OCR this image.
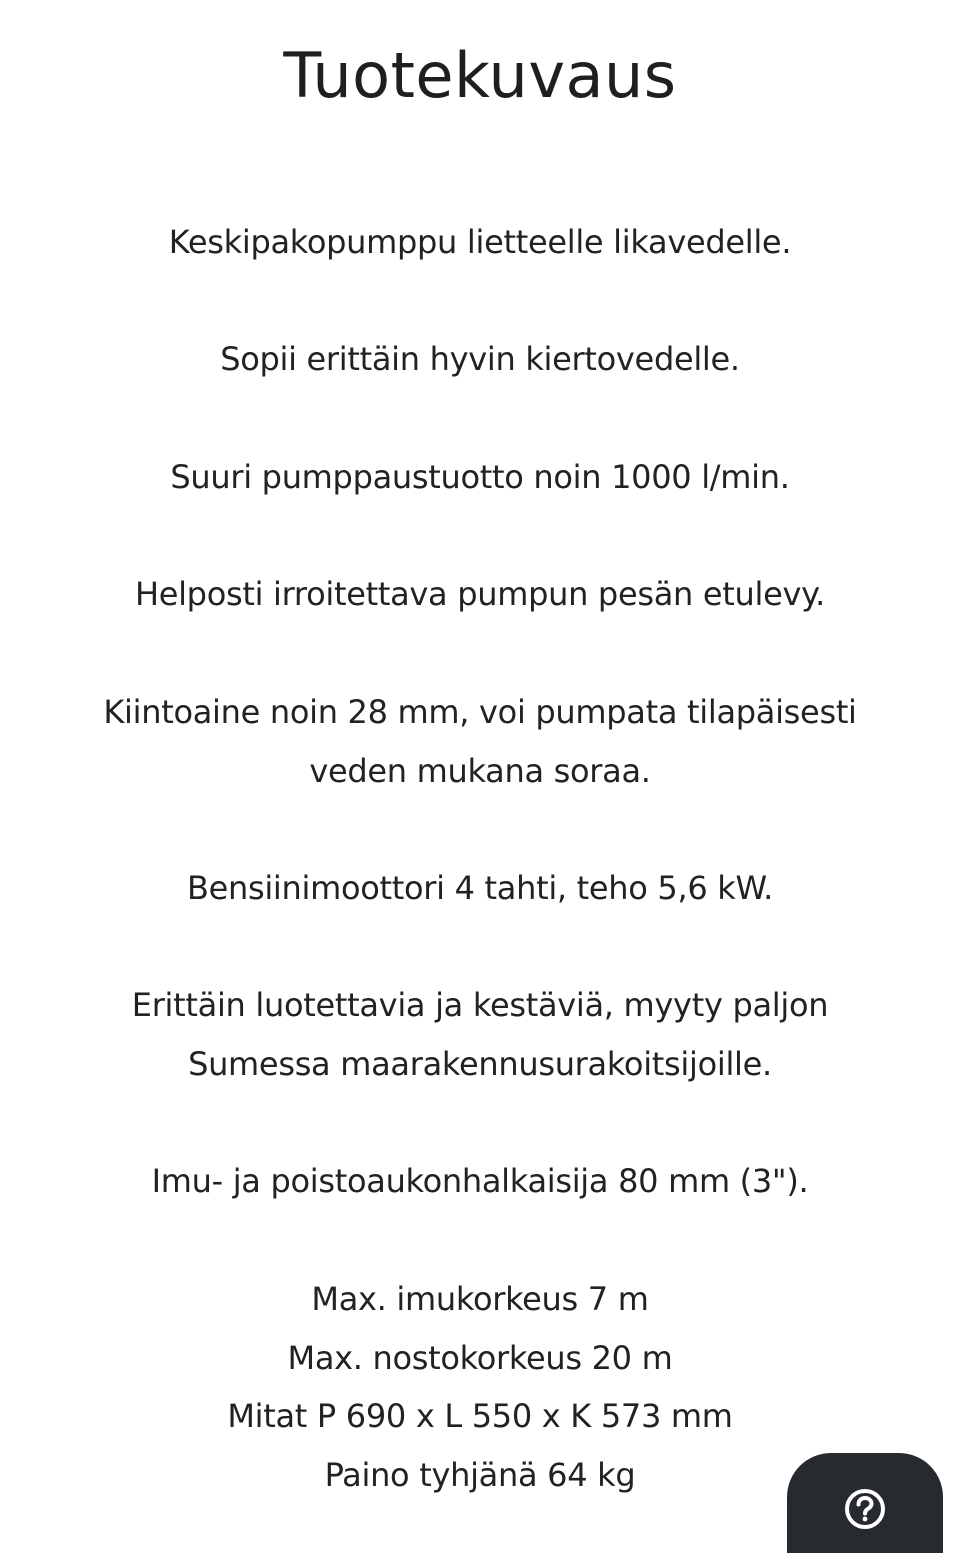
Tuotekuvaus

Keskipakopumppu lietteelle likavedelle.

Sopii erittäin hyvin kiertovedelle.

Suuri pumppaustuotto noin 1000 l/min.

Helposti irroitettava pumpun pesän etulevy.

Kiintoaine noin 28 mm, voi pumpata tilapäisesti
veden mukana soraa.

Bensiinimoottori 4 tahti, teho 5,6 kW.

Erittäin luotettavia ja kestäviä, myyty paljon
Sumessa maarakennusurakoitsijoille.

Imu- ja poistoaukonhalkaisija 80 mm (3").

Max. imukorkeus 7 m
Max. nostokorkeus 20 m
Mitat P 690 x L 550 x K 573 mm
Paino tyhjänä 64 kg
